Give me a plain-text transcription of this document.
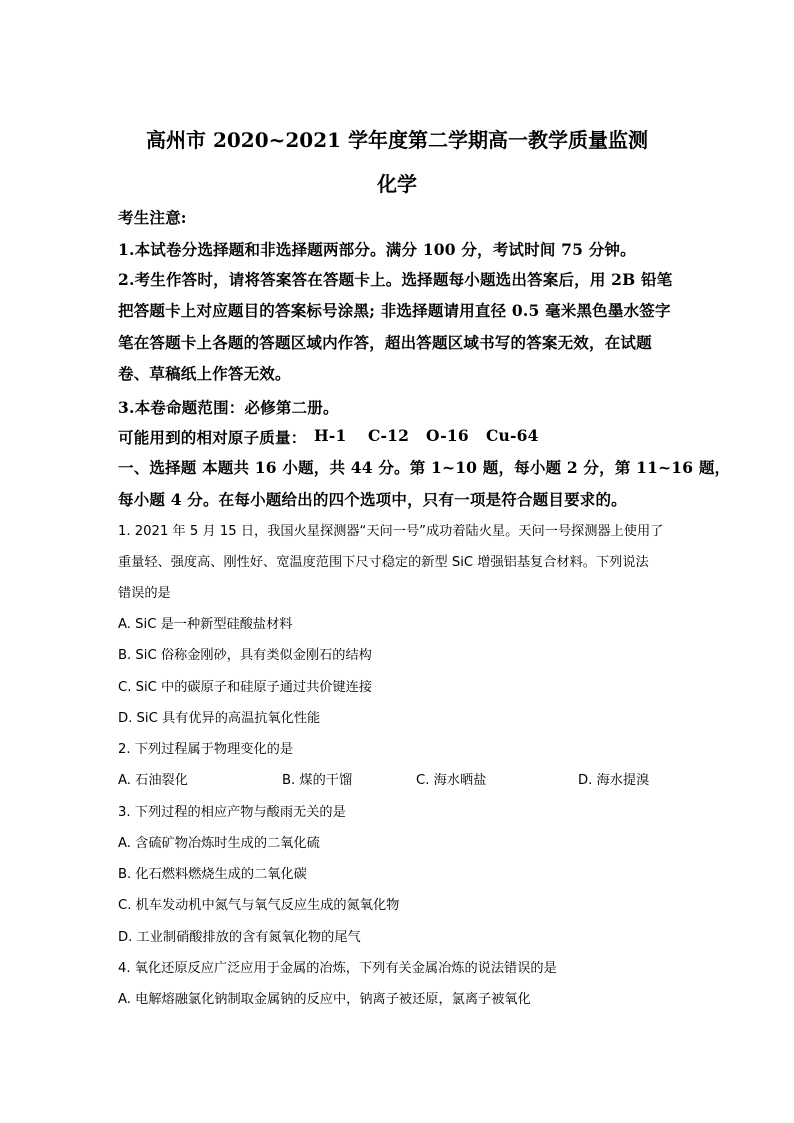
高州市 2020~2021 学年度第二学期高一教学质量监测
化学
考生注意:
1.本试卷分选择题和非选择题两部分。满分 100 分，考试时间 75 分钟。
2.考生作答时，请将答案答在答题卡上。选择题每小题选出答案后，用 2B 铅笔
把答题卡上对应题目的答案标号涂黑; 非选择题请用直径 0.5 毫米黑色墨水签字
笔在答题卡上各题的答题区域内作答，超出答题区域书写的答案无效，在试题
卷、草稿纸上作答无效。
3.本卷命题范围：必修第二册。
可能用到的相对原子质量： H-1 C-12 O-16 Cu-64
一、选择题 本题共 16 小题，共 44 分。第 1~10 题，每小题 2 分，第 11~16 题，
每小题 4 分。在每小题给出的四个选项中，只有一项是符合题目要求的。
1. 2021 年 5 月 15 日，我国火星探测器“天问一号”成功着陆火星。天问一号探测器上使用了
重量轻、强度高、刚性好、宽温度范围下尺寸稳定的新型 SiC 增强铝基复合材料。下列说法
错误的是
A. SiC 是一种新型硅酸盐材料
B. SiC 俗称金刚砂，具有类似金刚石的结构
C. SiC 中的碳原子和硅原子通过共价键连接
D. SiC 具有优异的高温抗氧化性能
2. 下列过程属于物理变化的是
A. 石油裂化	B. 煤的干馏	C. 海水晒盐	D. 海水提溴
3. 下列过程的相应产物与酸雨无关的是
A. 含硫矿物冶炼时生成的二氧化硫
B. 化石燃料燃烧生成的二氧化碳
C. 机车发动机中氮气与氧气反应生成的氮氧化物
D. 工业制硝酸排放的含有氮氧化物的尾气
4. 氧化还原反应广泛应用于金属的冶炼，下列有关金属冶炼的说法错误的是
A. 电解熔融氯化钠制取金属钠的反应中，钠离子被还原，氯离子被氧化
